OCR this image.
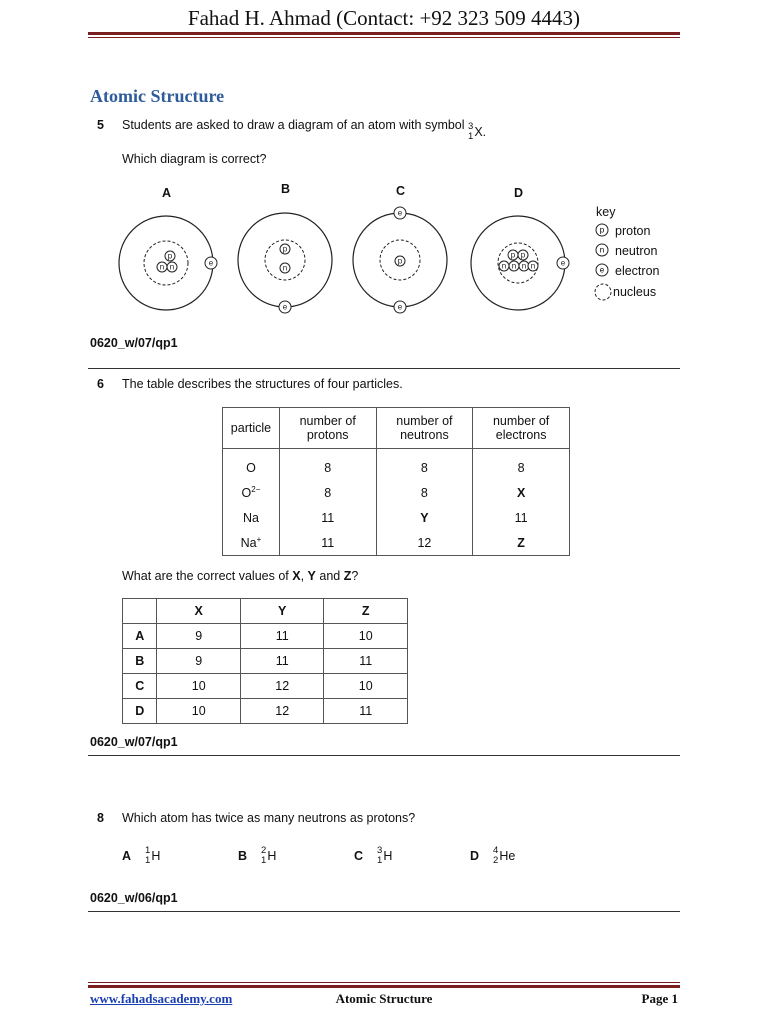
Fahad H. Ahmad (Contact: +92 323 509 4443)
Atomic Structure
5 Students are asked to draw a diagram of an atom with symbol 3
1 X .
Which diagram is correct?
A	B	C	D
p
n n	e
p
n
e
p
e
e
p p
n n n n	e
key
p
n
e
proton
neutron
electron
nucleus
0620_w/07/qp1
6 The table describes the structures of four particles.
particle	number of protons	number of neutrons	number of electrons
O	8	8	8
$O^{2-}$	8	8	X
Na	11	Y	11
Na+	11	12	Z
What are the correct values of X, Y and Z?
	X	Y	Z
A	9	11	10
B	9	11	11
C	10	12	10
D	10	12	11
0620_w/07/qp1
8 Which atom has twice as many neutrons as protons?
A 1
1 H	B 2
1 H	C 3
1 H	D 4
2 He
0620_w/06/qp1
www.fahadsacademy.com	Atomic Structure	Page 1
